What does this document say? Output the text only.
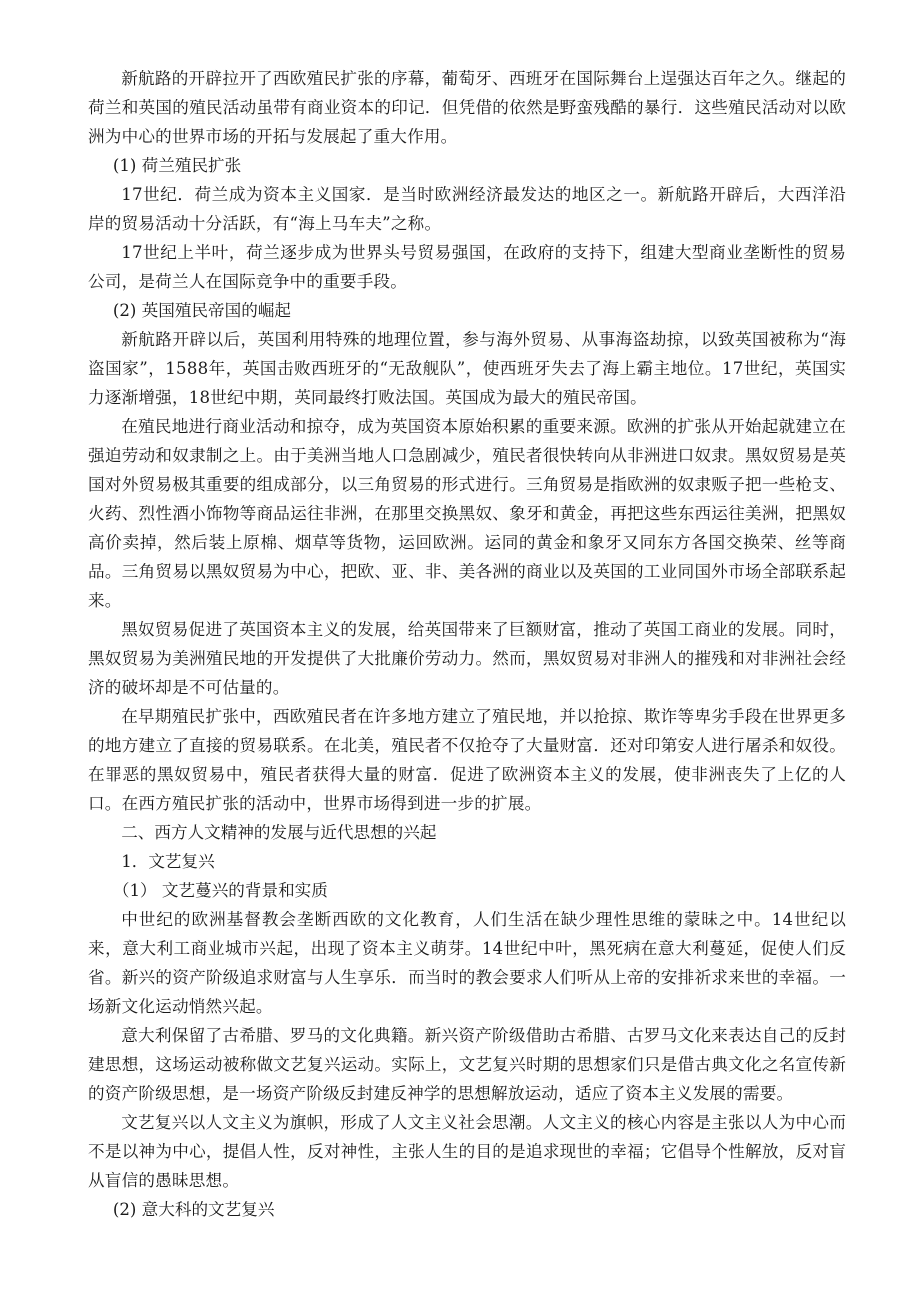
新航路的开辟拉开了西欧殖民扩张的序幕，葡萄牙、西班牙在国际舞台上逞强达百年之久。继起的荷兰和英国的殖民活动虽带有商业资本的印记．但凭借的依然是野蛮残酷的暴行．这些殖民活动对以欧洲为中心的世界市场的开拓与发展起了重大作用。

(1) 荷兰殖民扩张

17世纪．荷兰成为资本主义国家．是当时欧洲经济最发达的地区之一。新航路开辟后，大西洋沿岸的贸易活动十分活跃，有“海上马车夫”之称。

17世纪上半叶，荷兰逐步成为世界头号贸易强国，在政府的支持下，组建大型商业垄断性的贸易公司，是荷兰人在国际竞争中的重要手段。

(2) 英国殖民帝国的崛起

新航路开辟以后，英国利用特殊的地理位置，参与海外贸易、从事海盗劫掠，以致英国被称为“海盗国家”，1588年，英国击败西班牙的“无敌舰队”，使西班牙失去了海上霸主地位。17世纪，英国实力逐渐增强，18世纪中期，英同最终打败法国。英国成为最大的殖民帝国。

在殖民地进行商业活动和掠夺，成为英国资本原始积累的重要来源。欧洲的扩张从开始起就建立在强迫劳动和奴隶制之上。由于美洲当地人口急剧减少，殖民者很快转向从非洲进口奴隶。黑奴贸易是英国对外贸易极其重要的组成部分，以三角贸易的形式进行。三角贸易是指欧洲的奴隶贩子把一些枪支、火药、烈性酒小饰物等商品运往非洲，在那里交换黑奴、象牙和黄金，再把这些东西运往美洲，把黑奴高价卖掉，然后装上原棉、烟草等货物，运回欧洲。运同的黄金和象牙又同东方各国交换荣、丝等商品。三角贸易以黑奴贸易为中心，把欧、亚、非、美各洲的商业以及英国的工业同国外市场全部联系起来。

黑奴贸易促进了英国资本主义的发展，给英国带来了巨额财富，推动了英国工商业的发展。同时，黑奴贸易为美洲殖民地的开发提供了大批廉价劳动力。然而，黑奴贸易对非洲人的摧残和对非洲社会经济的破坏却是不可估量的。

在早期殖民扩张中，西欧殖民者在许多地方建立了殖民地，并以抢掠、欺诈等卑劣手段在世界更多的地方建立了直接的贸易联系。在北美，殖民者不仅抢夺了大量财富．还对印第安人进行屠杀和奴役。在罪恶的黑奴贸易中，殖民者获得大量的财富．促进了欧洲资本主义的发展，使非洲丧失了上亿的人口。在西方殖民扩张的活动中，世界市场得到进一步的扩展。

二、西方人文精神的发展与近代思想的兴起

1．文艺复兴

（1） 文艺蔓兴的背景和实质

中世纪的欧洲基督教会垄断西欧的文化教育，人们生活在缺少理性思维的蒙昧之中。14世纪以来，意大利工商业城市兴起，出现了资本主义萌芽。14世纪中叶，黑死病在意大利蔓延，促使人们反省。新兴的资产阶级追求财富与人生享乐．而当时的教会要求人们听从上帝的安排祈求来世的幸福。一场新文化运动悄然兴起。

意大利保留了古希腊、罗马的文化典籍。新兴资产阶级借助古希腊、古罗马文化来表达自己的反封建思想，这场运动被称做文艺复兴运动。实际上，文艺复兴时期的思想家们只是借古典文化之名宣传新的资产阶级思想，是一场资产阶级反封建反神学的思想解放运动，适应了资本主义发展的需要。

文艺复兴以人文主义为旗帜，形成了人文主义社会思潮。人文主义的核心内容是主张以人为中心而不是以神为中心，提倡人性，反对神性，主张人生的目的是追求现世的幸福；它倡导个性解放，反对盲从盲信的愚昧思想。

(2) 意大科的文艺复兴
